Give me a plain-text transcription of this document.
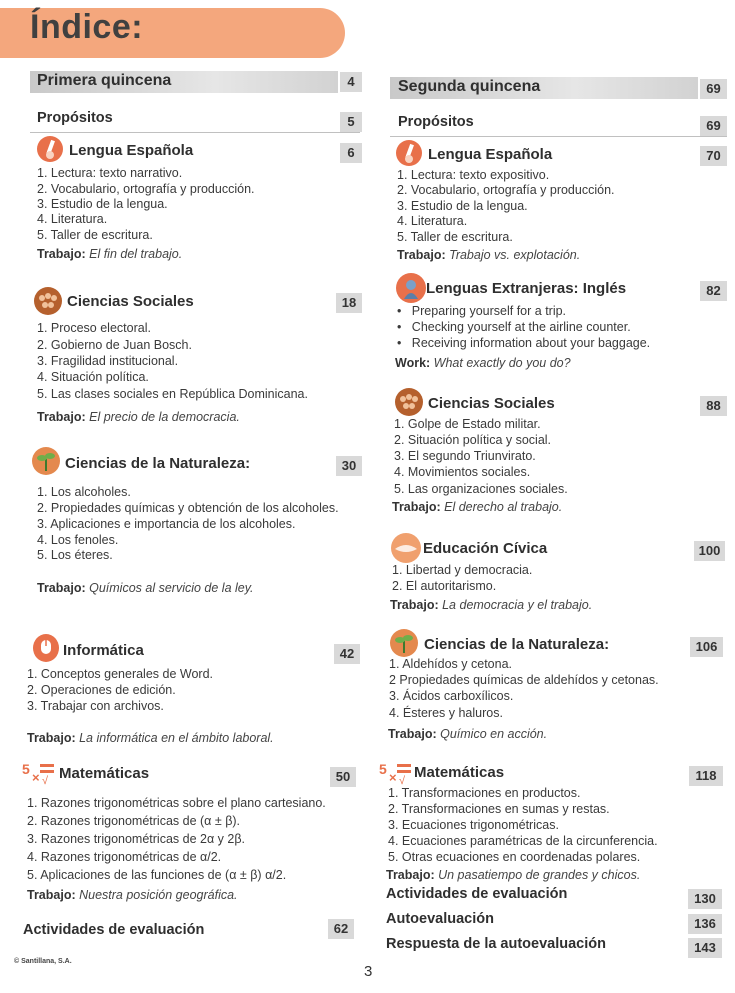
Índice:
Primera quincena	4
Propósitos	5
Lengua Española	6
1. Lectura: texto narrativo.
2. Vocabulario, ortografía y producción.
3. Estudio de la lengua.
4. Literatura.
5. Taller de escritura.
Trabajo: El fin del trabajo.
Ciencias Sociales	18
1. Proceso electoral.
2. Gobierno de Juan Bosch.
3. Fragilidad institucional.
4. Situación política.
5. Las clases sociales en República Dominicana.
Trabajo: El precio de la democracia.
Ciencias de la Naturaleza:	30
1. Los alcoholes.
2. Propiedades químicas y obtención de los alcoholes.
3. Aplicaciones e importancia de los alcoholes.
4. Los fenoles.
5. Los éteres.
Trabajo: Químicos al servicio de la ley.
Informática	42
1. Conceptos generales de Word.
2. Operaciones de edición.
3. Trabajar con archivos.
Trabajo: La informática en el ámbito laboral.
5
× √ Matemáticas	50
1. Razones trigonométricas sobre el plano cartesiano.
2. Razones trigonométricas de (α ± β).
3. Razones trigonométricas de 2α y 2β.
4. Razones trigonométricas de α/2.
5. Aplicaciones de las funciones de (α ± β) α/2.
Trabajo: Nuestra posición geográfica.
Actividades de evaluación	62
© Santillana, S.A.
3
Segunda quincena	69
Propósitos	69
Lengua Española	70
1. Lectura: texto expositivo.
2. Vocabulario, ortografía y producción.
3. Estudio de la lengua.
4. Literatura.
5. Taller de escritura.
Trabajo: Trabajo vs. explotación.
Lenguas Extranjeras: Inglés	82
•   Preparing yourself for a trip.
•   Checking yourself at the airline counter.
•   Receiving information about your baggage.
Work: What exactly do you do?
Ciencias Sociales	88
1. Golpe de Estado militar.
2. Situación política y social.
3. El segundo Triunvirato.
4. Movimientos sociales.
5. Las organizaciones sociales.
Trabajo: El derecho al trabajo.
Educación Cívica	100
1. Libertad y democracia.
2. El autoritarismo.
Trabajo: La democracia y el trabajo.
Ciencias de la Naturaleza:	106
1. Aldehídos y cetona.
2 Propiedades químicas de aldehídos y cetonas.
3. Ácidos carboxílicos.
4. Ésteres y haluros.
Trabajo: Químico en acción.
5
× √ Matemáticas	118
1. Transformaciones en productos.
2. Transformaciones en sumas y restas.
3. Ecuaciones trigonométricas.
4. Ecuaciones paramétricas de la circunferencia.
5. Otras ecuaciones en coordenadas polares.
Trabajo: Un pasatiempo de grandes y chicos.
Actividades de evaluación	130
Autoevaluación	136
Respuesta de la autoevaluación	143
